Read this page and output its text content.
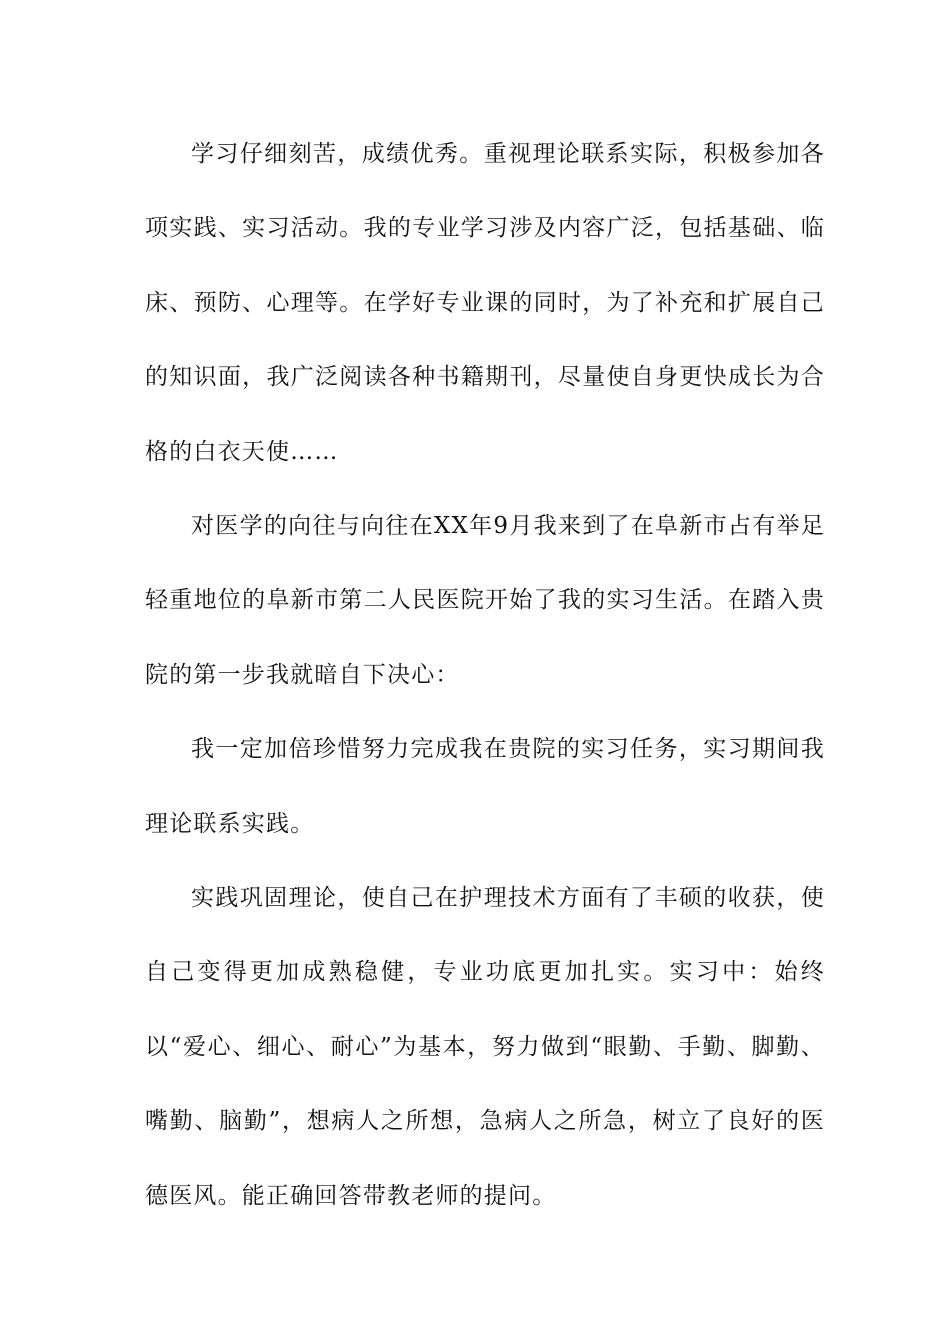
学习仔细刻苦，成绩优秀。重视理论联系实际，积极参加各项实践、实习活动。我的专业学习涉及内容广泛，包括基础、临床、预防、心理等。在学好专业课的同时，为了补充和扩展自己的知识面，我广泛阅读各种书籍期刊，尽量使自身更快成长为合格的白衣天使……

对医学的向往与向往在XX年9月我来到了在阜新市占有举足轻重地位的阜新市第二人民医院开始了我的实习生活。在踏入贵院的第一步我就暗自下决心：

我一定加倍珍惜努力完成我在贵院的实习任务，实习期间我理论联系实践。

实践巩固理论，使自己在护理技术方面有了丰硕的收获，使自己变得更加成熟稳健，专业功底更加扎实。实习中：始终以“爱心、细心、耐心”为基本，努力做到“眼勤、手勤、脚勤、嘴勤、脑勤”，想病人之所想，急病人之所急，树立了良好的医德医风。能正确回答带教老师的提问。
